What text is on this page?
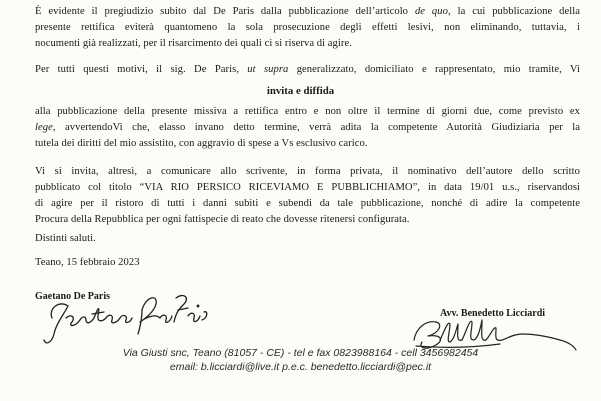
È evidente il pregiudizio subito dal De Paris dalla pubblicazione dell’articolo de quo, la cui pubblicazione della
presente rettifica eviterà quantomeno la sola prosecuzione degli effetti lesivi, non eliminando, tuttavia, i
nocumenti già realizzati, per il risarcimento dei quali ci si riserva di agire.
Per tutti questi motivi, il sig. De Paris, ut supra generalizzato, domiciliato e rappresentato, mio tramite, Vi
invita e diffida
alla pubblicazione della presente missiva a rettifica entro e non oltre il termine di giorni due, come previsto ex
lege, avvertendoVi che, elasso invano detto termine, verrà adita la competente Autorità Giudiziaria per la
tutela dei diritti del mio assistito, con aggravio di spese a Vs esclusivo carico.
Vi si invita, altresì, a comunicare allo scrivente, in forma privata, il nominativo dell’autore dello scritto
pubblicato col titolo “VIA RIO PERSICO RICEVIAMO E PUBBLICHIAMO”, in data 19/01 u.s., riservandosi
di agire per il ristoro di tutti i danni subiti e subendi da tale pubblicazione, nonché di adire la competente
Procura della Repubblica per ogni fattispecie di reato che dovesse ritenersi configurata.
Distinti saluti.
Teano, 15 febbraio 2023
Gaetano De Paris
Avv. Benedetto Licciardi
Via Giusti snc, Teano (81057 - CE) - tel e fax 0823988164 - cell 3456982454
email: b.licciardi@live.it p.e.c. benedetto.licciardi@pec.it
